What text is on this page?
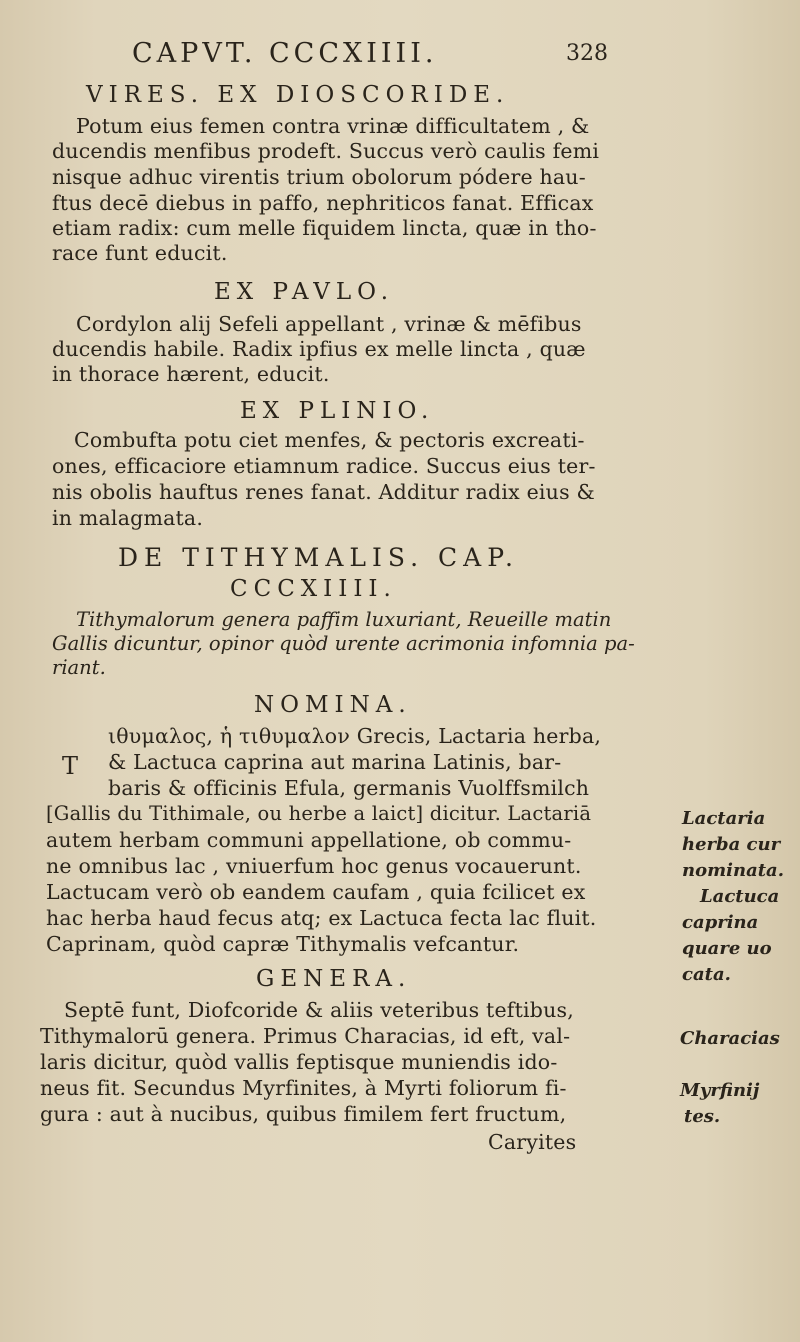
CAPVT. CCCXIIII.	328
VIRES. EX DIOSCORIDE.
Potum eius femen contra vrinæ difficultatem , &
ducendis menfibus prodeft. Succus verò caulis femi
nisque adhuc virentis trium obolorum pódere hau-
ftus decē diebus in paffo, nephriticos fanat. Efficax
etiam radix: cum melle fiquidem lincta, quæ in tho-
race funt educit.
EX PAVLO.
Cordylon alij Sefeli appellant , vrinæ & mēfibus
ducendis habile. Radix ipfius ex melle lincta , quæ
in thorace hærent, educit.
EX PLINIO.
Combufta potu ciet menfes, & pectoris excreati-
ones, efficaciore etiamnum radice. Succus eius ter-
nis obolis hauftus renes fanat. Additur radix eius &
in malagmata.
DE TITHYMALIS. CAP.
CCCXIIII.
Tithymalorum genera paffim luxuriant, Reueille matin
Gallis dicuntur, opinor quòd urente acrimonia infomnia pa-
riant.
NOMINA.
T
ιθυμαλος, ἡ τιθυμαλον Grecis, Lactaria herba,
& Lactuca caprina aut marina Latinis, bar-
baris & officinis Efula, germanis Vuolffsmilch
[Gallis du Tithimale, ou herbe a laict] dicitur. Lactariā
autem herbam communi appellatione, ob commu-
ne omnibus lac , vniuerfum hoc genus vocauerunt.
Lactucam verò ob eandem caufam , quia fcilicet ex
hac herba haud fecus atq; ex Lactuca fecta lac fluit.
Caprinam, quòd capræ Tithymalis vefcantur.
GENERA.
Septē funt, Diofcoride & aliis veteribus teftibus,
Tithymalorū genera. Primus Characias, id eft, val-
laris dicitur, quòd vallis feptisque muniendis ido-
neus fit. Secundus Myrfinites, à Myrti foliorum fi-
gura : aut à nucibus, quibus fimilem fert fructum,
Caryites
Lactaria
herba cur
nominata.
Lactuca
caprina
quare uo
cata.
Characias
Myrfinij
tes.
